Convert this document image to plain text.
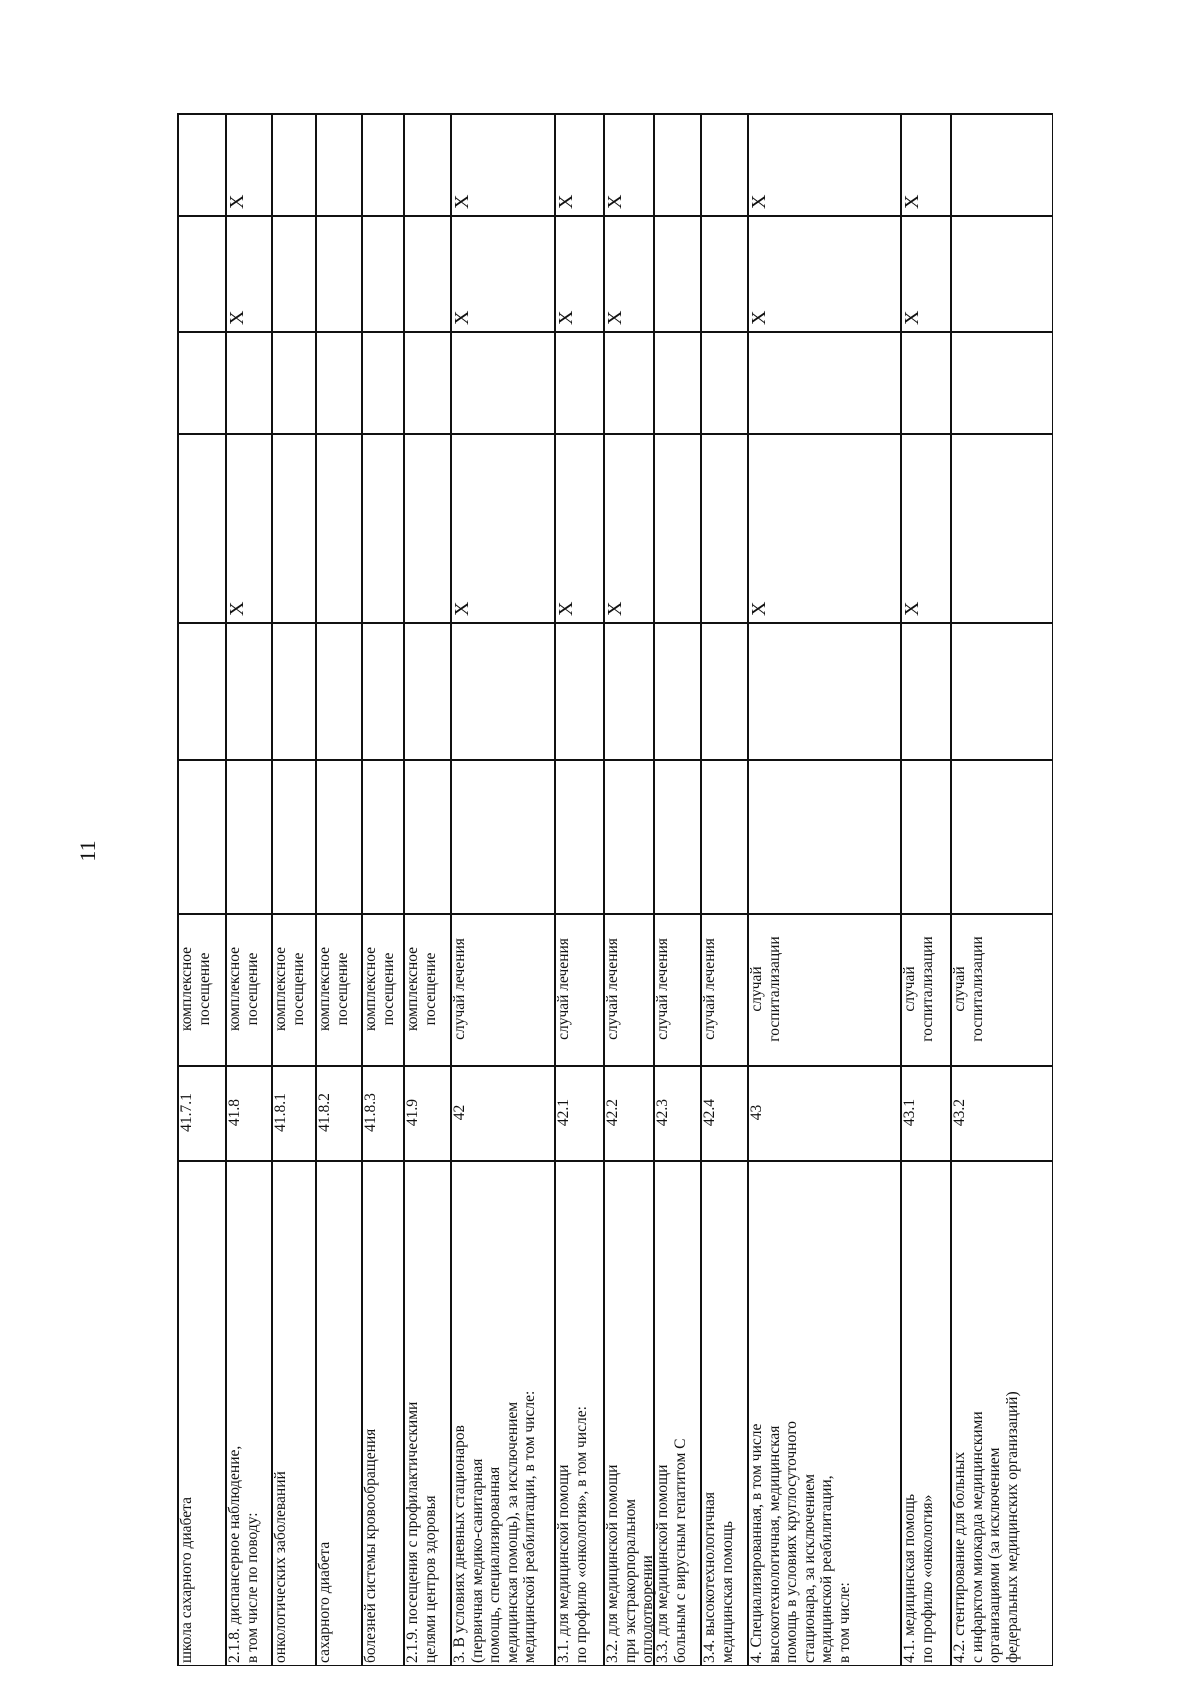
11
школа сахарного диабета
41.7.1
комплексное
посещение
2.1.8. диспансерное наблюдение,
в том числе по поводу:
41.8
комплексное
посещение
Х
Х
Х
онкологических заболеваний
41.8.1
комплексное
посещение
сахарного диабета
41.8.2
комплексное
посещение
болезней системы кровообращения
41.8.3
комплексное
посещение
2.1.9. посещения с профилактическими
целями центров здоровья
41.9
комплексное
посещение
3. В условиях дневных стационаров
(первичная медико-санитарная
помощь, специализированная
медицинская помощь), за исключением
медицинской реабилитации, в том числе:
42
случай лечения
Х
Х
Х
3.1. для медицинской помощи
по профилю «онкология», в том числе:
42.1
случай лечения
Х
Х
Х
3.2. для медицинской помощи
при экстракорпоральном
оплодотворении
42.2
случай лечения
Х
Х
Х
3.3. для медицинской помощи
больным с вирусным гепатитом С
42.3
случай лечения
3.4. высокотехнологичная
медицинская помощь
42.4
случай лечения
4. Специализированная, в том числе
высокотехнологичная, медицинская
помощь в условиях круглосуточного
стационара, за исключением
медицинской реабилитации,
в том числе:
43
случай
госпитализации
Х
Х
Х
4.1. медицинская помощь
по профилю «онкология»
43.1
случай
госпитализации
Х
Х
Х
4.2. стентирование для больных
с инфарктом миокарда медицинскими
организациями (за исключением
федеральных медицинских организаций)
43.2
случай
госпитализации
